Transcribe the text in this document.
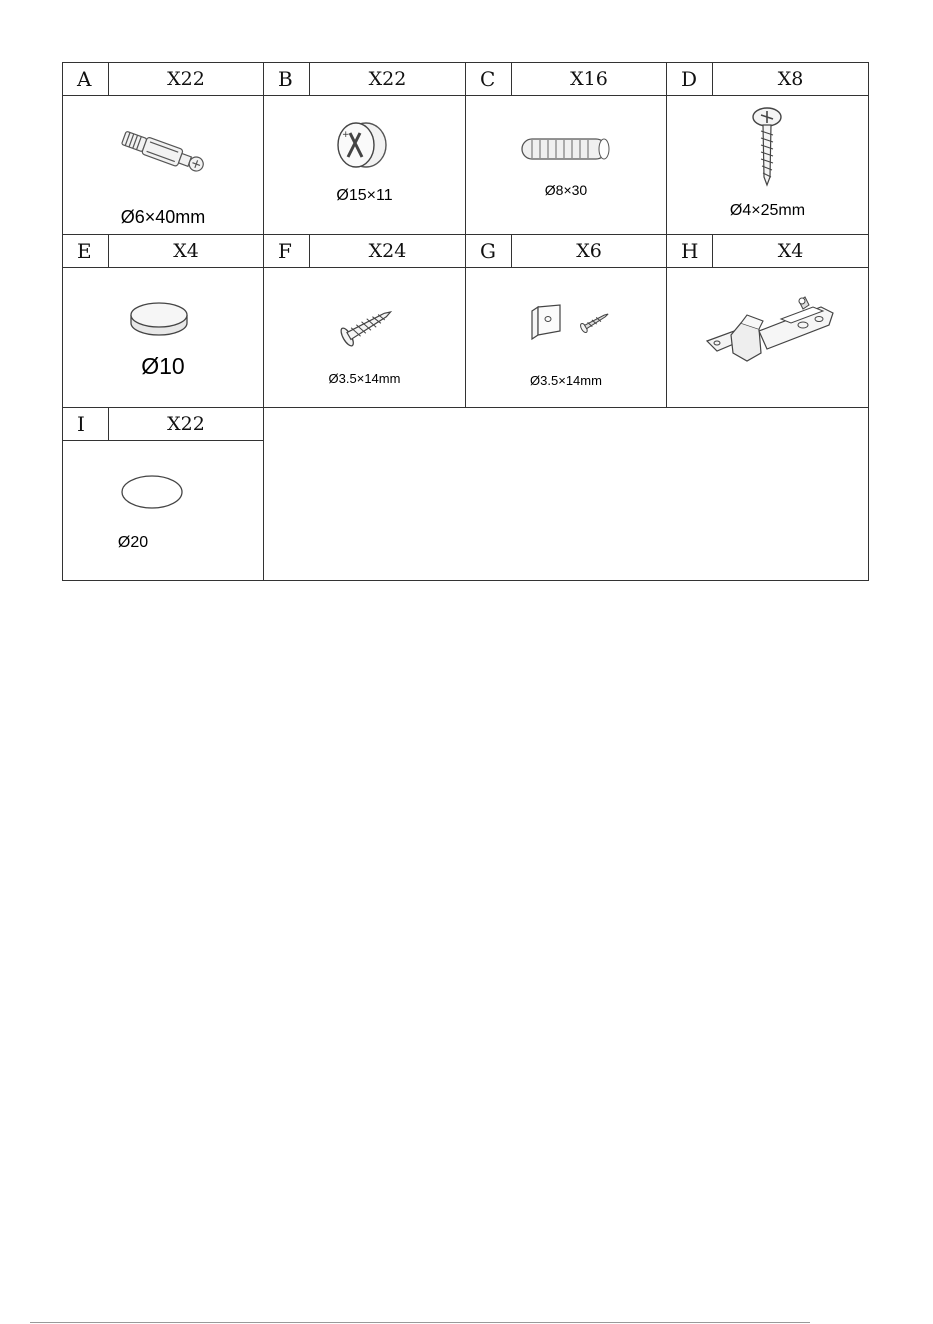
A	X22
Ø6×40mm
B	X22
+
Ø15×11
C	X16
Ø8×30
D	X8
Ø4×25mm
E	X4
Ø10
F	X24
Ø3.5×14mm
G	X6
Ø3.5×14mm
H	X4
I	X22
Ø20
